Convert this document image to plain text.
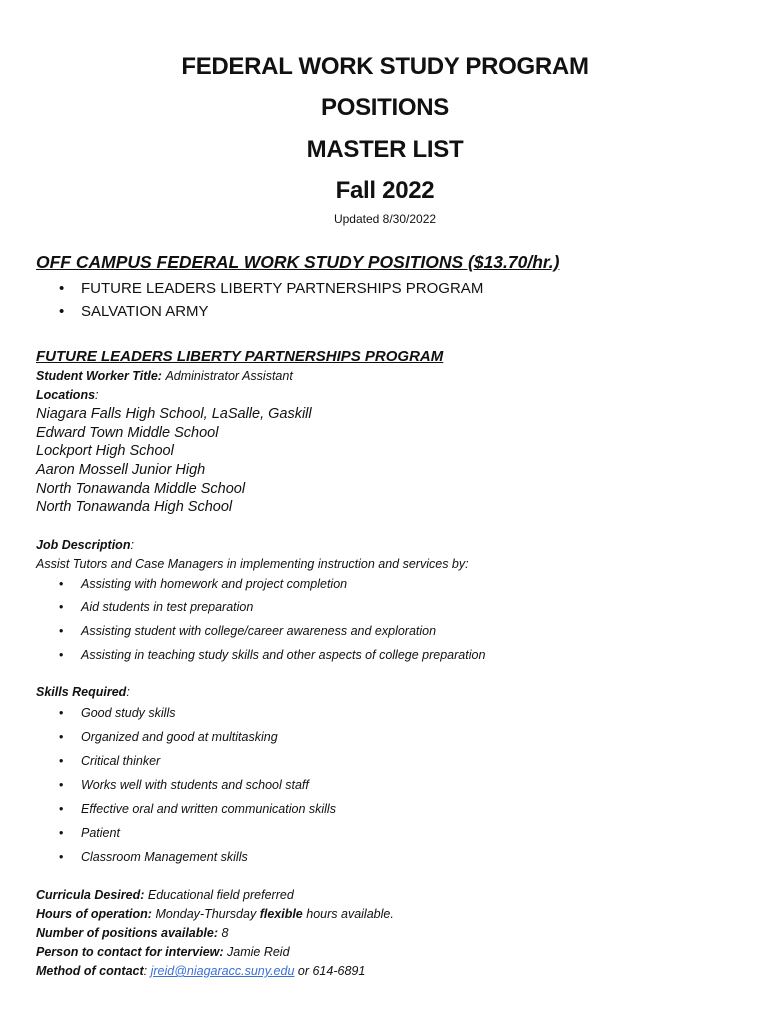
FEDERAL WORK STUDY PROGRAM
POSITIONS
MASTER LIST
Fall 2022
Updated 8/30/2022
OFF CAMPUS FEDERAL WORK STUDY POSITIONS ($13.70/hr.)
• FUTURE LEADERS LIBERTY PARTNERSHIPS PROGRAM
• SALVATION ARMY
FUTURE LEADERS LIBERTY PARTNERSHIPS PROGRAM
Student Worker Title: Administrator Assistant
Locations:
Niagara Falls High School, LaSalle, Gaskill
Edward Town Middle School
Lockport High School
Aaron Mossell Junior High
North Tonawanda Middle School
North Tonawanda High School
Job Description:
Assist Tutors and Case Managers in implementing instruction and services by:
• Assisting with homework and project completion
• Aid students in test preparation
• Assisting student with college/career awareness and exploration
• Assisting in teaching study skills and other aspects of college preparation
Skills Required:
• Good study skills
• Organized and good at multitasking
• Critical thinker
• Works well with students and school staff
• Effective oral and written communication skills
• Patient
• Classroom Management skills
Curricula Desired: Educational field preferred
Hours of operation: Monday-Thursday flexible hours available.
Number of positions available: 8
Person to contact for interview: Jamie Reid
Method of contact: jreid@niagaracc.suny.edu or 614-6891
